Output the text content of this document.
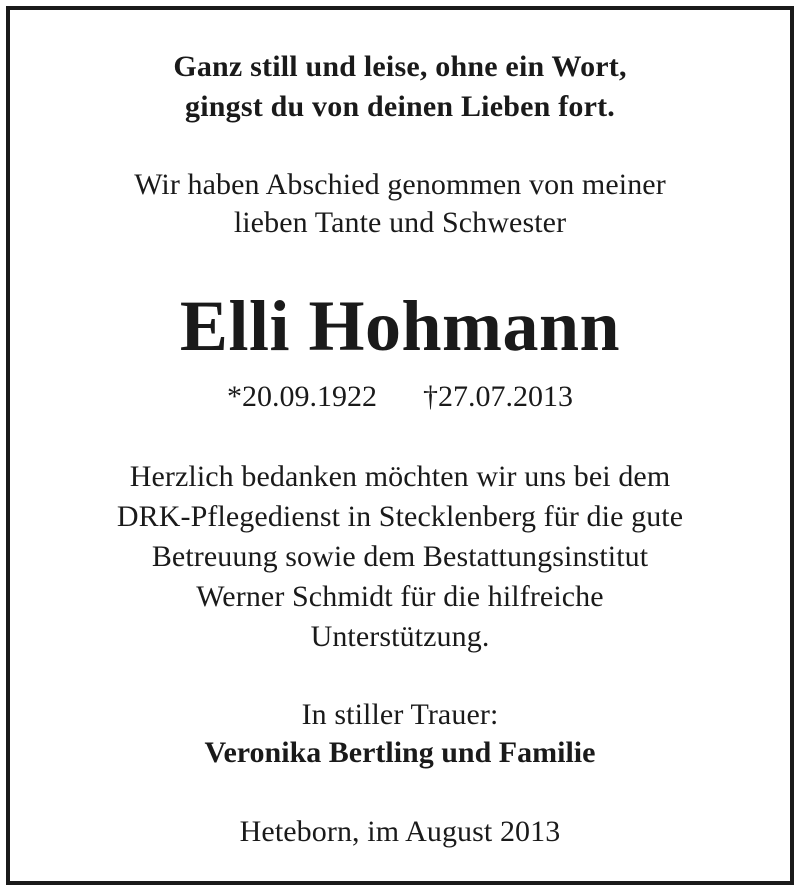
Ganz still und leise, ohne ein Wort,

gingst du von deinen Lieben fort.

Wir haben Abschied genommen von meiner

lieben Tante und Schwester

Elli Hohmann

*20.09.1922 †27.07.2013

Herzlich bedanken möchten wir uns bei dem

DRK-Pflegedienst in Stecklenberg für die gute

Betreuung sowie dem Bestattungsinstitut

Werner Schmidt für die hilfreiche

Unterstützung.

In stiller Trauer:

Veronika Bertling und Familie

Heteborn, im August 2013
